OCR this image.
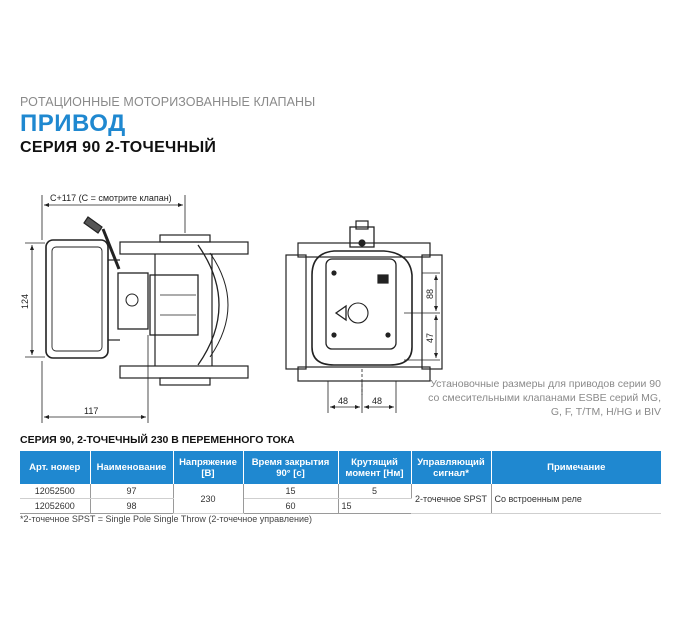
РОТАЦИОННЫЕ МОТОРИЗОВАННЫЕ КЛАПАНЫ
ПРИВОД
СЕРИЯ 90 2-ТОЧЕЧНЫЙ
C+117 (C = смотрите клапан)
124
117
88
47
48	48
Установочные размеры для приводов серии 90 со смесительными клапанами ESBE серий MG, G, F, T/TM, H/HG и BIV
СЕРИЯ 90, 2-ТОЧЕЧНЫЙ 230 В ПЕРЕМЕННОГО ТОКА
Арт. номер	Наименование	Напряжение [В]	Время закрытия 90° [с]	Крутящий момент [Нм]	Управляющий сигнал*	Примечание
12052500	97	230	15	5	2-точечное SPST	Со встроенным реле
12052600	98		60	15		
*2-точечное SPST = Single Pole Single Throw (2-точечное управление)
